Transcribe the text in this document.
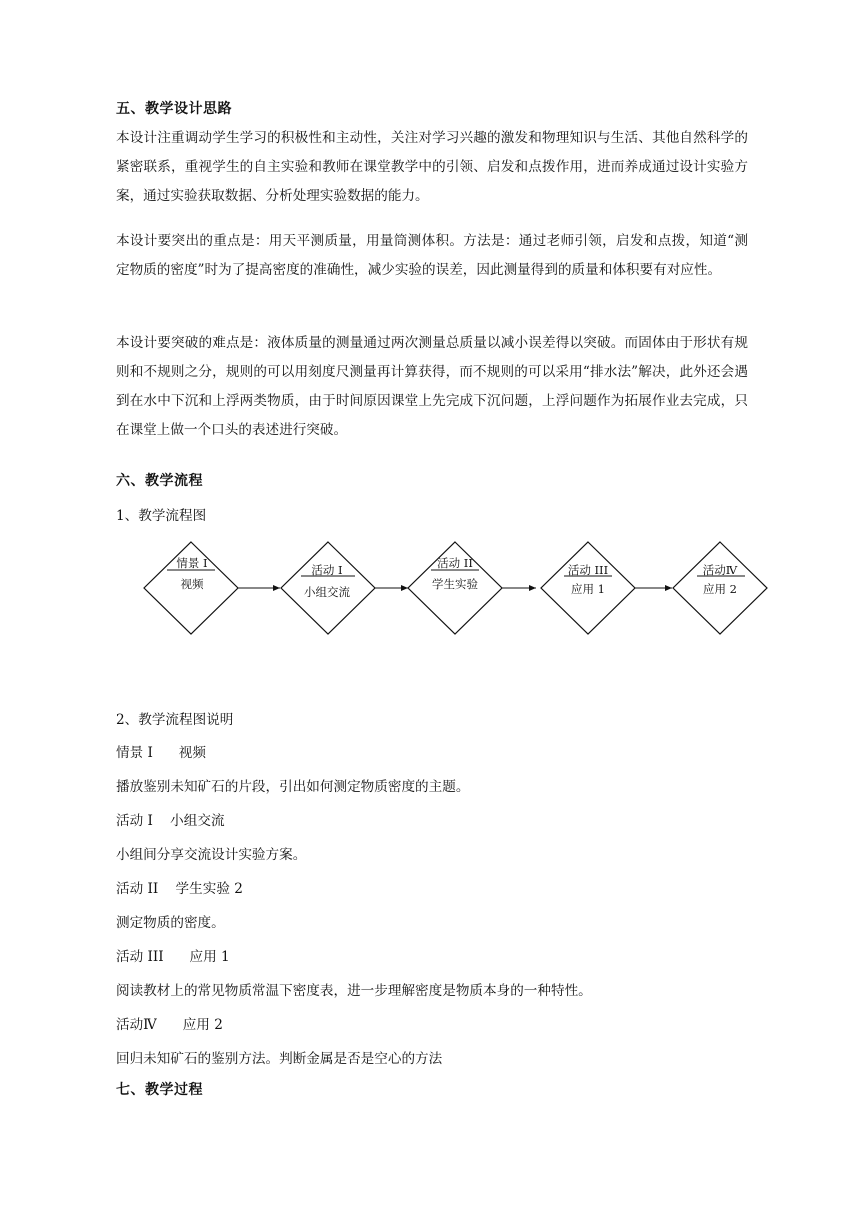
五、教学设计思路
本设计注重调动学生学习的积极性和主动性，关注对学习兴趣的激发和物理知识与生活、其他自然科学的紧密联系，重视学生的自主实验和教师在课堂教学中的引领、启发和点拨作用，进而养成通过设计实验方案，通过实验获取数据、分析处理实验数据的能力。
本设计要突出的重点是：用天平测质量，用量筒测体积。方法是：通过老师引领，启发和点拨，知道“测定物质的密度”时为了提高密度的准确性，减少实验的误差，因此测量得到的质量和体积要有对应性。
本设计要突破的难点是：液体质量的测量通过两次测量总质量以减小误差得以突破。而固体由于形状有规则和不规则之分，规则的可以用刻度尺测量再计算获得，而不规则的可以采用“排水法”解决，此外还会遇到在水中下沉和上浮两类物质，由于时间原因课堂上先完成下沉问题，上浮问题作为拓展作业去完成，只在课堂上做一个口头的表述进行突破。
六、教学流程
1、教学流程图
情景 I
视频
活动 I
小组交流
活动 II
学生实验
活动 III
应用 1
活动Ⅳ
应用 2
2、教学流程图说明
情景 I      视频
播放鉴别未知矿石的片段，引出如何测定物质密度的主题。
活动 I    小组交流
小组间分享交流设计实验方案。
活动 II    学生实验 2
测定物质的密度。
活动 III      应用 1
阅读教材上的常见物质常温下密度表，进一步理解密度是物质本身的一种特性。
活动Ⅳ      应用 2
回归未知矿石的鉴别方法。判断金属是否是空心的方法
七、教学过程
